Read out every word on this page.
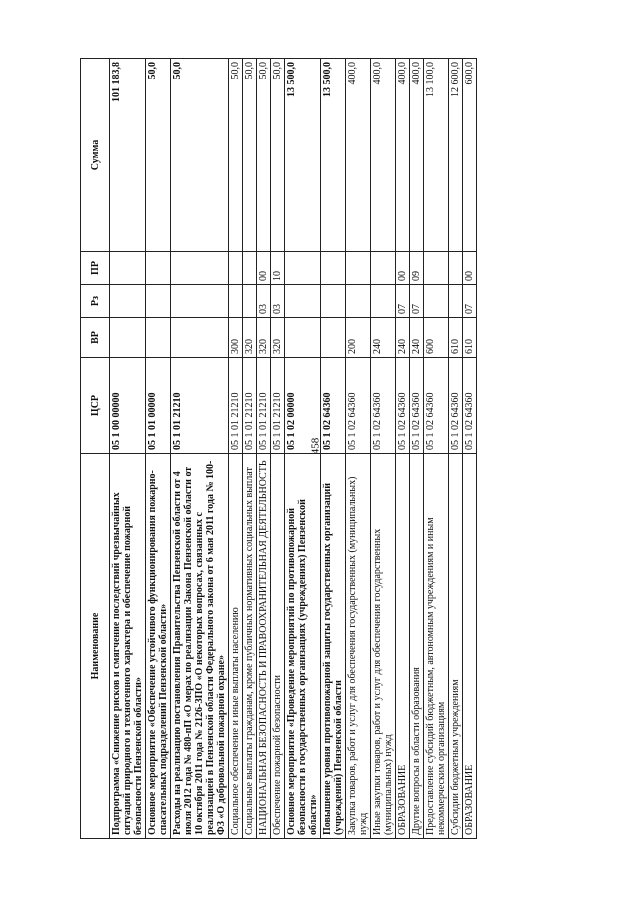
458
Наименование	ЦСР	ВР	Рз	ПР	Сумма
Подпрограмма «Снижение рисков и смягчение последствий чрезвычайных ситуаций природного и техногенного характера и обеспечение пожарной безопасности Пензенской области»	05 1 00 00000				101 183,8
Основное мероприятие «Обеспечение устойчивого функционирования пожарно-спасательных подразделений Пензенской области»	05 1 01 00000				50,0
Расходы на реализацию постановления Правительства Пензенской области от 4 июля 2012 года № 480-пП «О мерах по реализации Закона Пензенской области от 10 октября 2011 года № 2126-ЗПО «О некоторых вопросах, связанных с реализацией в Пензенской области Федерального закона от 6 мая 2011 года № 100-ФЗ «О добровольной пожарной охране»	05 1 01 21210				50,0
Социальное обеспечение и иные выплаты населению	05 1 01 21210	300			50,0
Социальные выплаты гражданам, кроме публичных нормативных социальных выплат	05 1 01 21210	320			50,0
НАЦИОНАЛЬНАЯ БЕЗОПАСНОСТЬ И ПРАВООХРАНИТЕЛЬНАЯ ДЕЯТЕЛЬНОСТЬ	05 1 01 21210	320	03	00	50,0
Обеспечение пожарной безопасности	05 1 01 21210	320	03	10	50,0
Основное мероприятие «Проведение мероприятий по противопожарной безопасности в государственных организациях (учреждениях) Пензенской области»	05 1 02 00000				13 500,0
Повышение уровня противопожарной защиты государственных организаций (учреждений) Пензенской области	05 1 02 64360				13 500,0
Закупка товаров, работ и услуг для обеспечения государственных (муниципальных) нужд	05 1 02 64360	200			400,0
Иные закупки товаров, работ и услуг для обеспечения государственных (муниципальных) нужд	05 1 02 64360	240			400,0
ОБРАЗОВАНИЕ	05 1 02 64360	240	07	00	400,0
Другие вопросы в области образования	05 1 02 64360	240	07	09	400,0
Предоставление субсидий бюджетным, автономным учреждениям и иным некоммерческим организациям	05 1 02 64360	600			13 100,0
Субсидии бюджетным учреждениям	05 1 02 64360	610			12 600,0
ОБРАЗОВАНИЕ	05 1 02 64360	610	07	00	600,0
